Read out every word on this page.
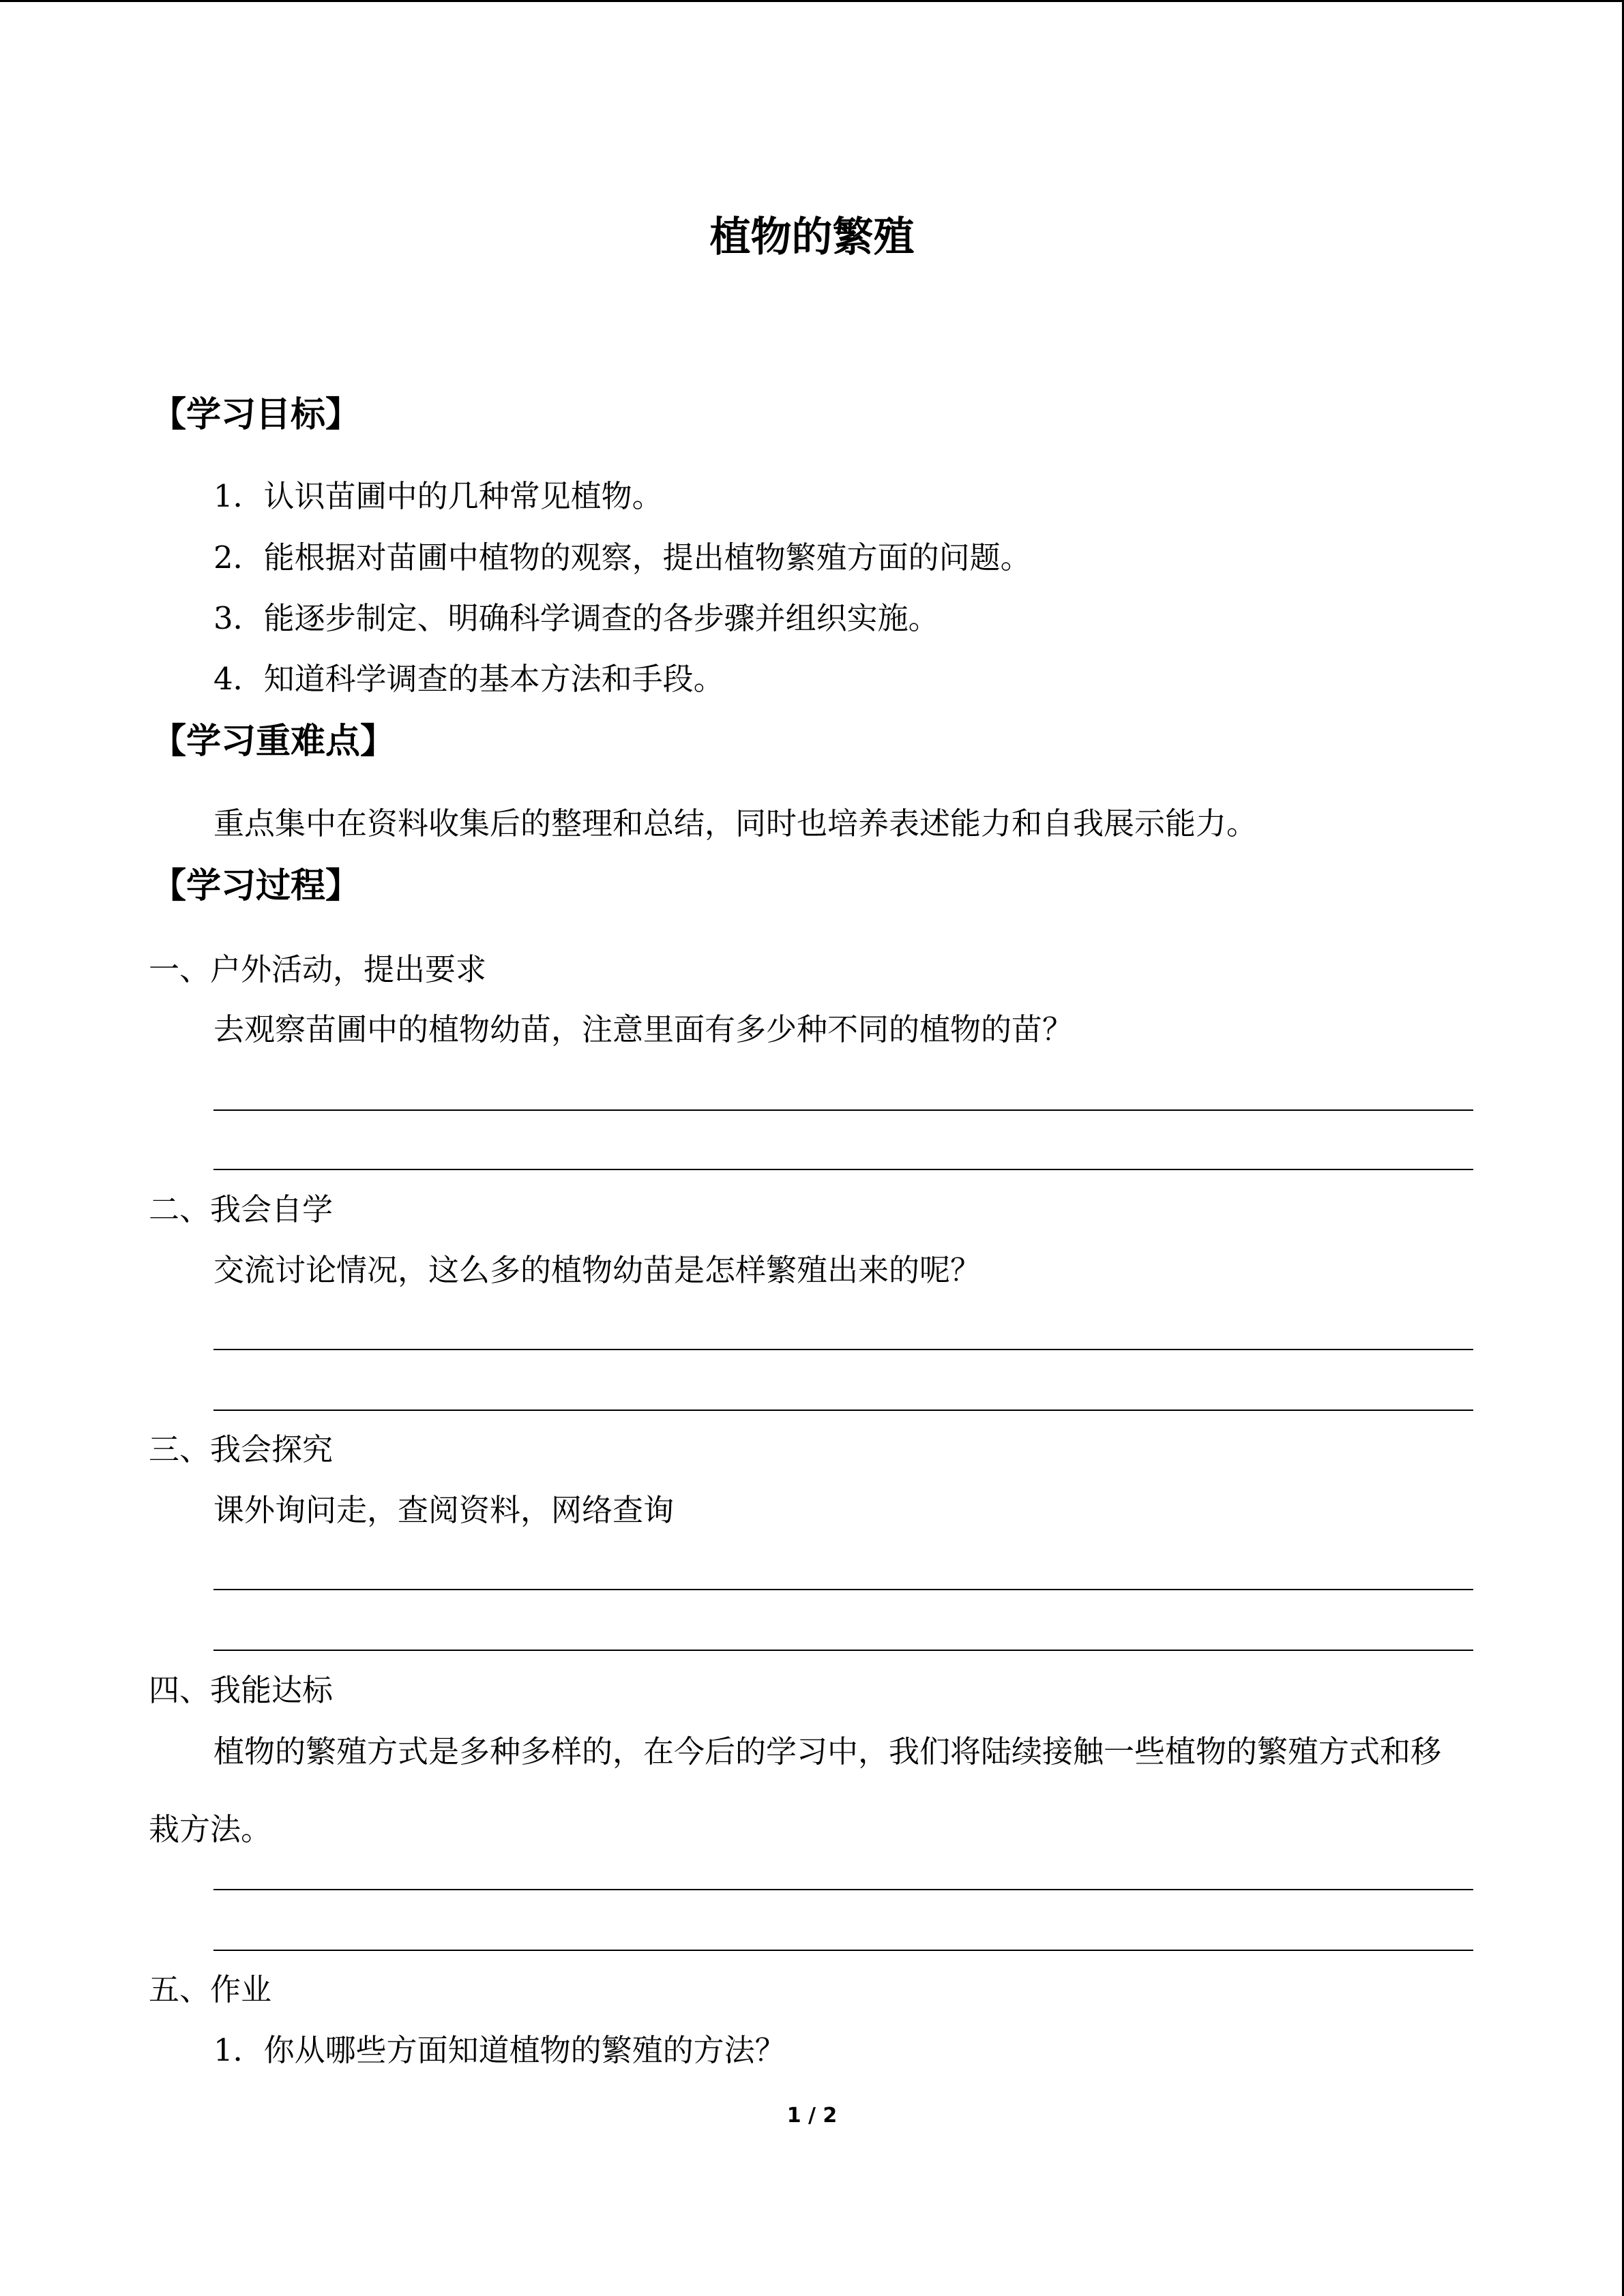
植物的繁殖
【学习目标】
1．认识苗圃中的几种常见植物。
2．能根据对苗圃中植物的观察，提出植物繁殖方面的问题。
3．能逐步制定、明确科学调查的各步骤并组织实施。
4．知道科学调查的基本方法和手段。
【学习重难点】
重点集中在资料收集后的整理和总结，同时也培养表述能力和自我展示能力。
【学习过程】
一、户外活动，提出要求
去观察苗圃中的植物幼苗，注意里面有多少种不同的植物的苗？
二、我会自学
交流讨论情况，这么多的植物幼苗是怎样繁殖出来的呢？
三、我会探究
课外询问走，查阅资料，网络查询
四、我能达标
植物的繁殖方式是多种多样的，在今后的学习中，我们将陆续接触一些植物的繁殖方式和移栽方法。
五、作业
1．你从哪些方面知道植物的繁殖的方法？
1 / 2
